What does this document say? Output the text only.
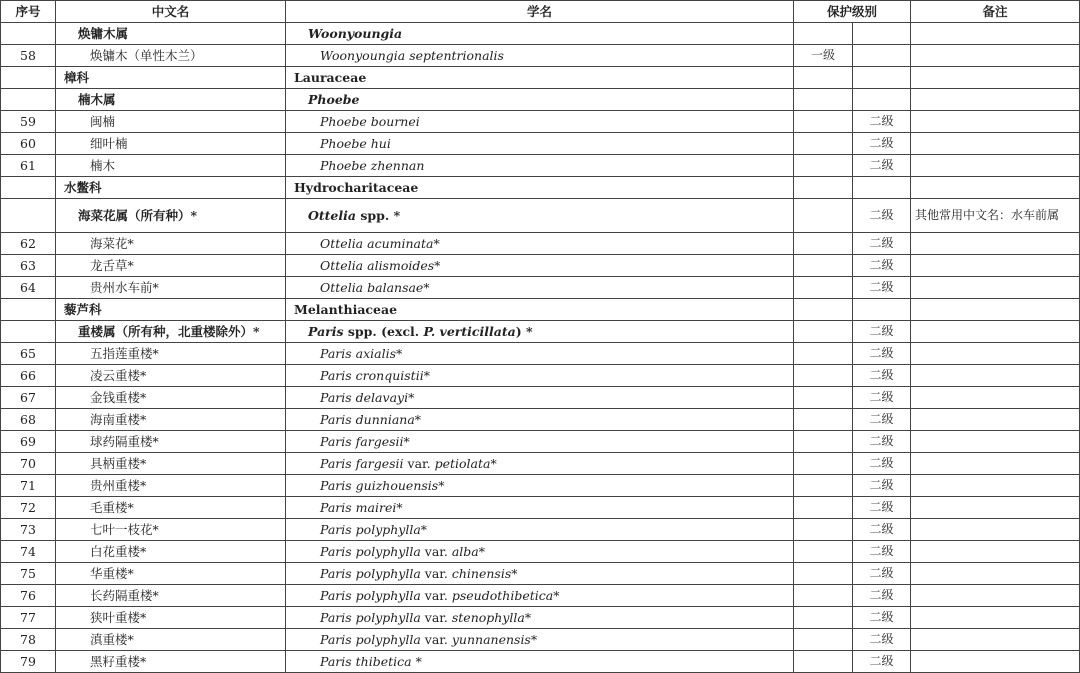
序号	中文名	学名	保护级别		备注
	焕镛木属	Woonyoungia			
58	焕镛木（单性木兰）	Woonyoungia septentrionalis	一级		
	樟科	Lauraceae			
	楠木属	Phoebe			
59	闽楠	Phoebe bournei		二级	
60	细叶楠	Phoebe hui		二级	
61	楠木	Phoebe zhennan		二级	
	水鳖科	Hydrocharitaceae			
	海菜花属（所有种）*	Ottelia spp. *		二级	其他常用中文名：水车前属
62	海菜花*	Ottelia acuminata*		二级	
63	龙舌草*	Ottelia alismoides*		二级	
64	贵州水车前*	Ottelia balansae*		二级	
	藜芦科	Melanthiaceae			
	重楼属（所有种，北重楼除外）*	Paris spp. (excl. P. verticillata) *		二级	
65	五指莲重楼*	Paris axialis*		二级	
66	凌云重楼*	Paris cronquistii*		二级	
67	金钱重楼*	Paris delavayi*		二级	
68	海南重楼*	Paris dunniana*		二级	
69	球药隔重楼*	Paris fargesii*		二级	
70	具柄重楼*	Paris fargesii var. petiolata*		二级	
71	贵州重楼*	Paris guizhouensis*		二级	
72	毛重楼*	Paris mairei*		二级	
73	七叶一枝花*	Paris polyphylla*		二级	
74	白花重楼*	Paris polyphylla var. alba*		二级	
75	华重楼*	Paris polyphylla var. chinensis*		二级	
76	长药隔重楼*	Paris polyphylla var. pseudothibetica*		二级	
77	狭叶重楼*	Paris polyphylla var. stenophylla*		二级	
78	滇重楼*	Paris polyphylla var. yunnanensis*		二级	
79	黑籽重楼*	Paris thibetica *		二级	
